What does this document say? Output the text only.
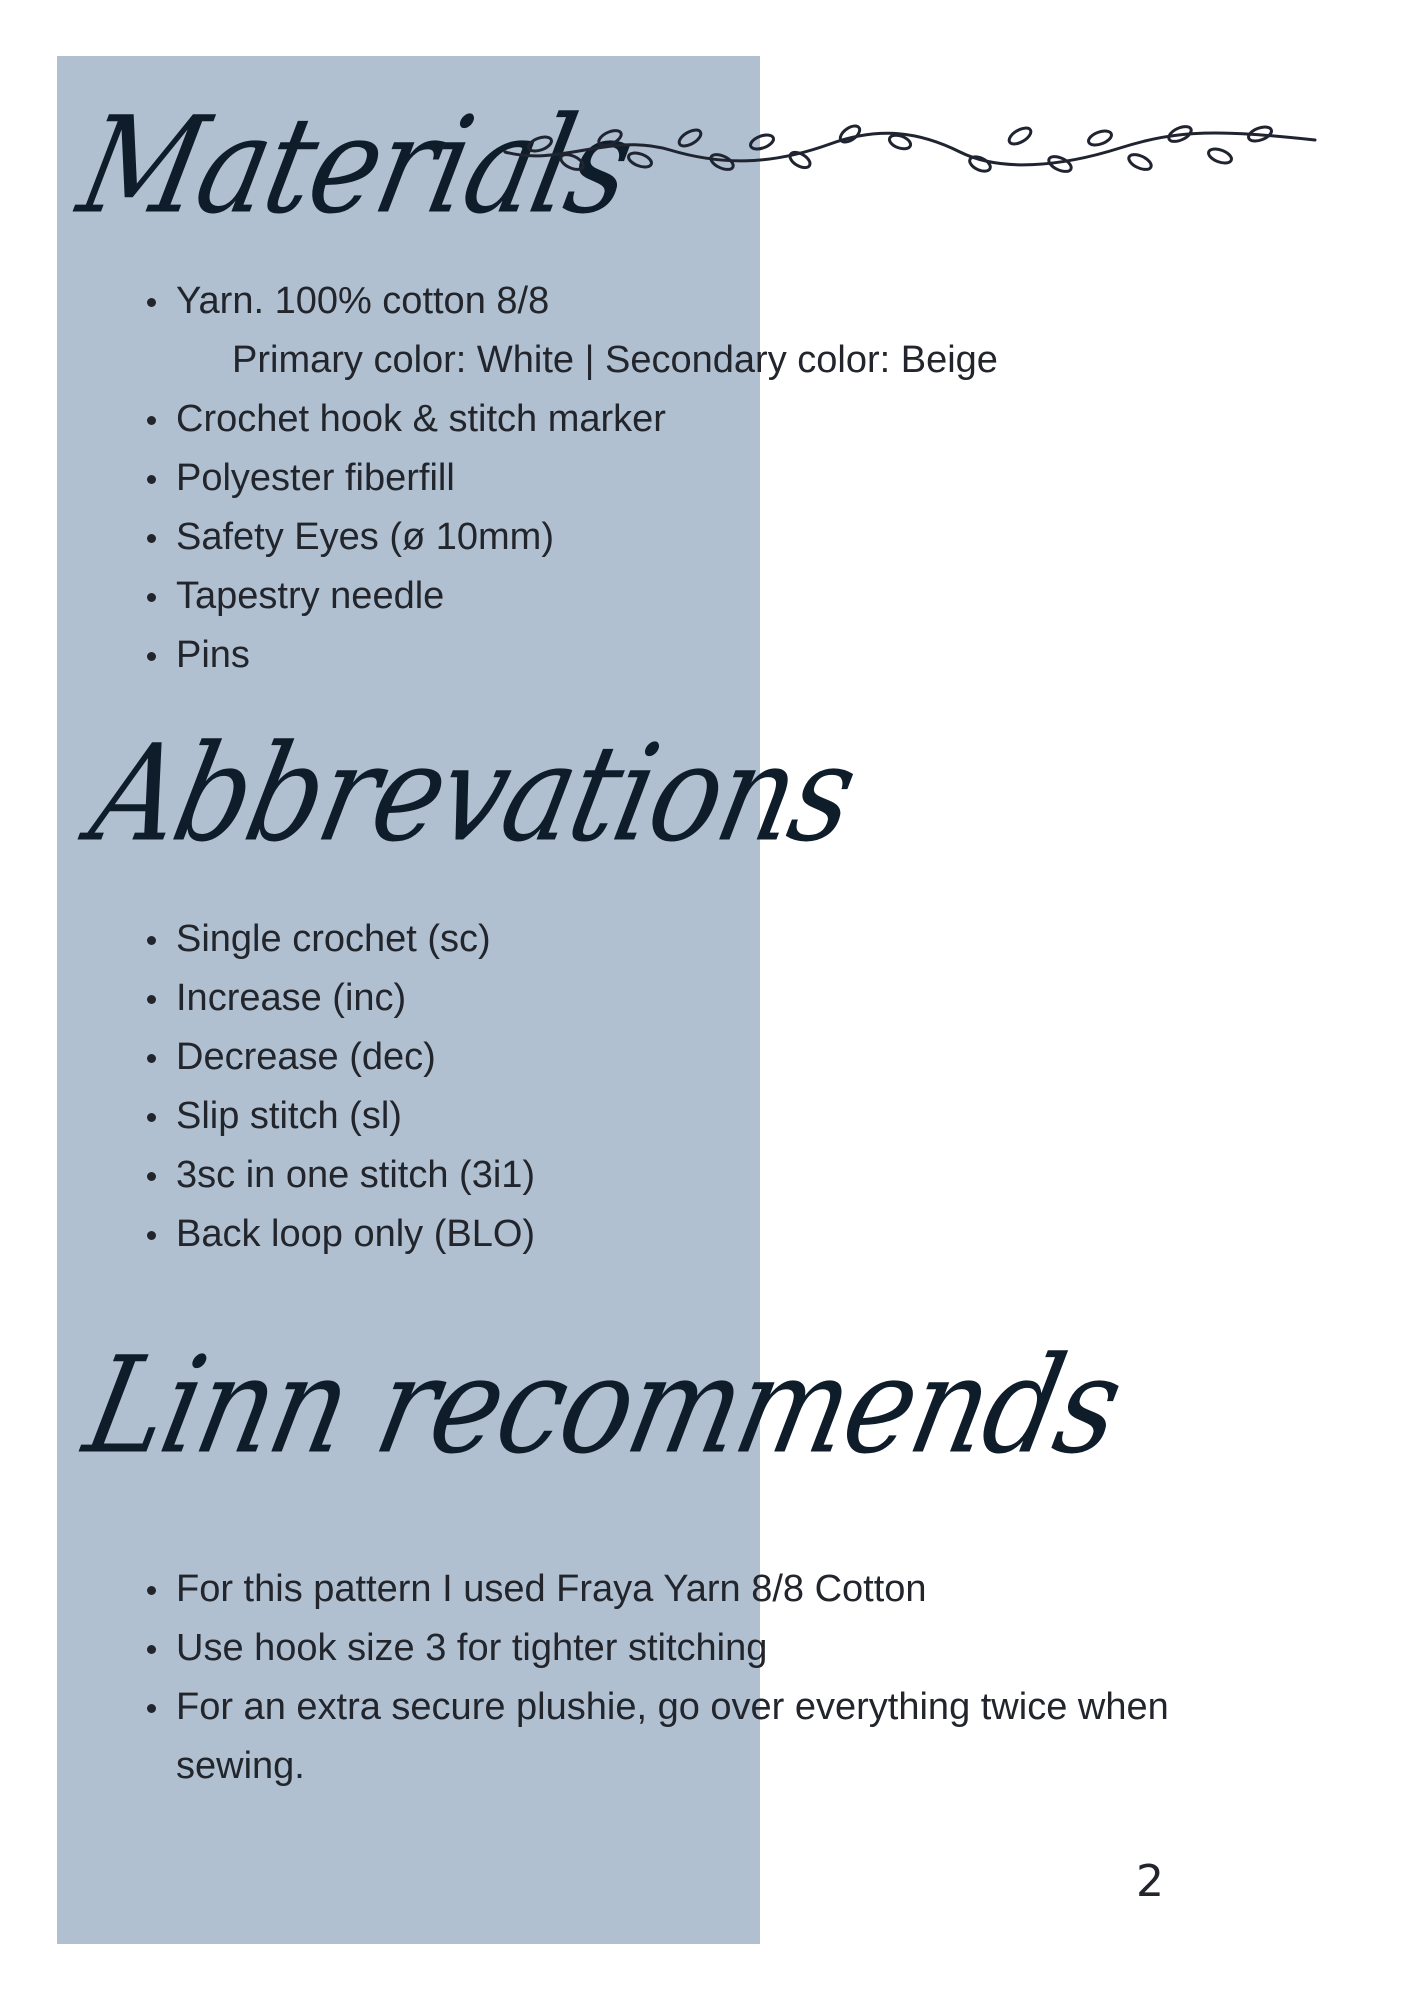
Materials
Yarn. 100% cotton 8/8
Primary color: White | Secondary color: Beige
Crochet hook & stitch marker
Polyester fiberfill
Safety Eyes (ø 10mm)
Tapestry needle
Pins
Abbrevations
Single crochet (sc)
Increase (inc)
Decrease (dec)
Slip stitch (sl)
3sc in one stitch (3i1)
Back loop only (BLO)
Linn recommends
For this pattern I used Fraya Yarn 8/8 Cotton
Use hook size 3 for tighter stitching
For an extra secure plushie, go over everything twice when sewing.
2
